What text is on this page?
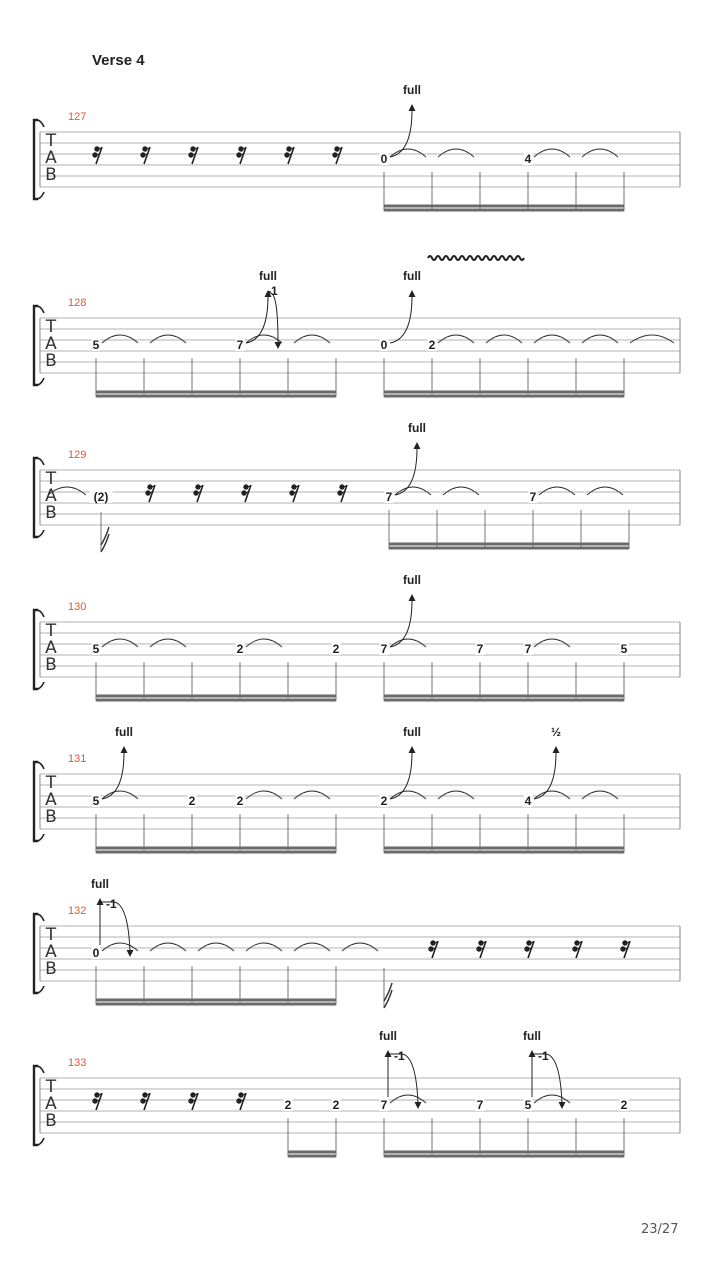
Verse 4
T
A
B
127
0	4
full
T
A
B
128
5	7	0	2
full
-1
full
T
A
B
129
(2)	7	7
full
T
A
B
130
5	2	2	7	7	7	5
full
T
A
B
131
5	2	2	2	4
full	full	½
T
A
B
132
0
full
-1
T
A
B
133
2	2	7	7	5	2
full
-1
full
-1
23/27
